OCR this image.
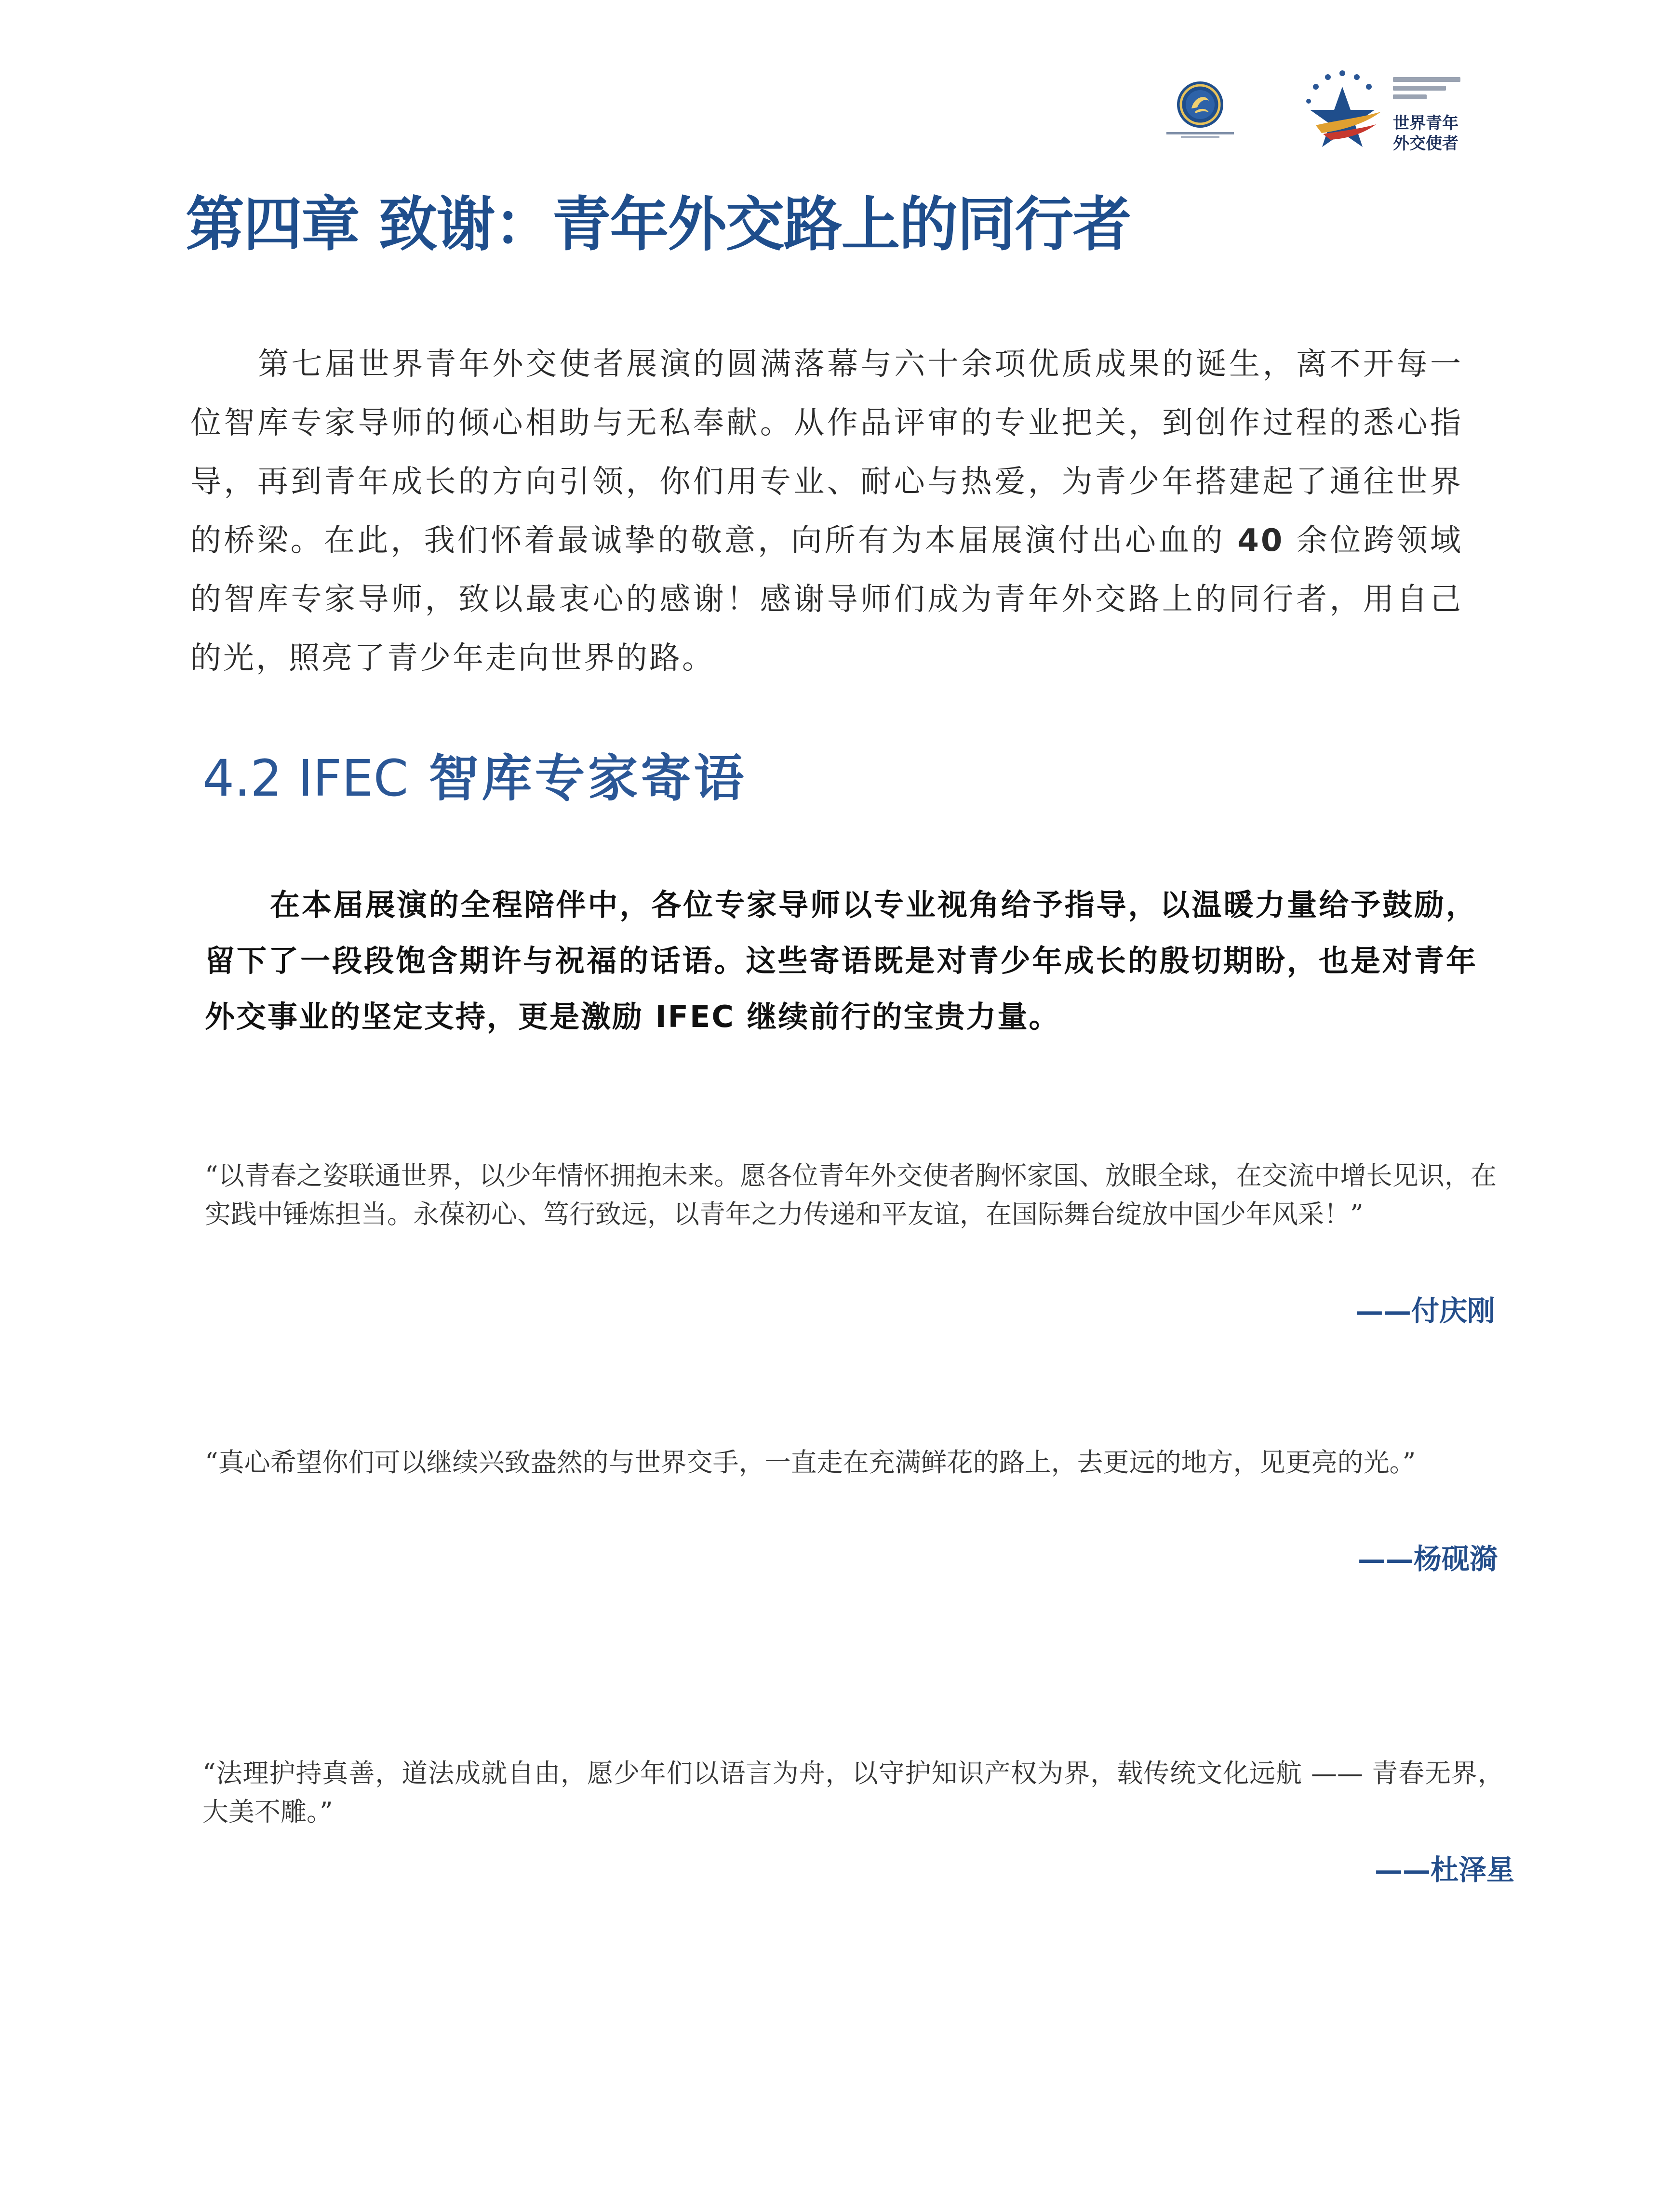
世界青年
外交使者
第四章 致谢：青年外交路上的同行者

第七届世界青年外交使者展演的圆满落幕与六十余项优质成果的诞生，离不开每一位智库专家导师的倾心相助与无私奉献。从作品评审的专业把关，到创作过程的悉心指导，再到青年成长的方向引领，你们用专业、耐心与热爱，为青少年搭建起了通往世界的桥梁。在此，我们怀着最诚挚的敬意，向所有为本届展演付出心血的 40 余位跨领域的智库专家导师，致以最衷心的感谢！感谢导师们成为青年外交路上的同行者，用自己的光，照亮了青少年走向世界的路。

4.2 IFEC 智库专家寄语

在本届展演的全程陪伴中，各位专家导师以专业视角给予指导，以温暖力量给予鼓励，留下了一段段饱含期许与祝福的话语。这些寄语既是对青少年成长的殷切期盼，也是对青年外交事业的坚定支持，更是激励 IFEC 继续前行的宝贵力量。

“以青春之姿联通世界，以少年情怀拥抱未来。愿各位青年外交使者胸怀家国、放眼全球，在交流中增长见识，在实践中锤炼担当。永葆初心、笃行致远，以青年之力传递和平友谊，在国际舞台绽放中国少年风采！”

——付庆刚

“真心希望你们可以继续兴致盎然的与世界交手，一直走在充满鲜花的路上，去更远的地方，见更亮的光。”

——杨砚漪

“法理护持真善，道法成就自由，愿少年们以语言为舟，以守护知识产权为界，载传统文化远航 —— 青春无界，大美不雕。”

——杜泽星
